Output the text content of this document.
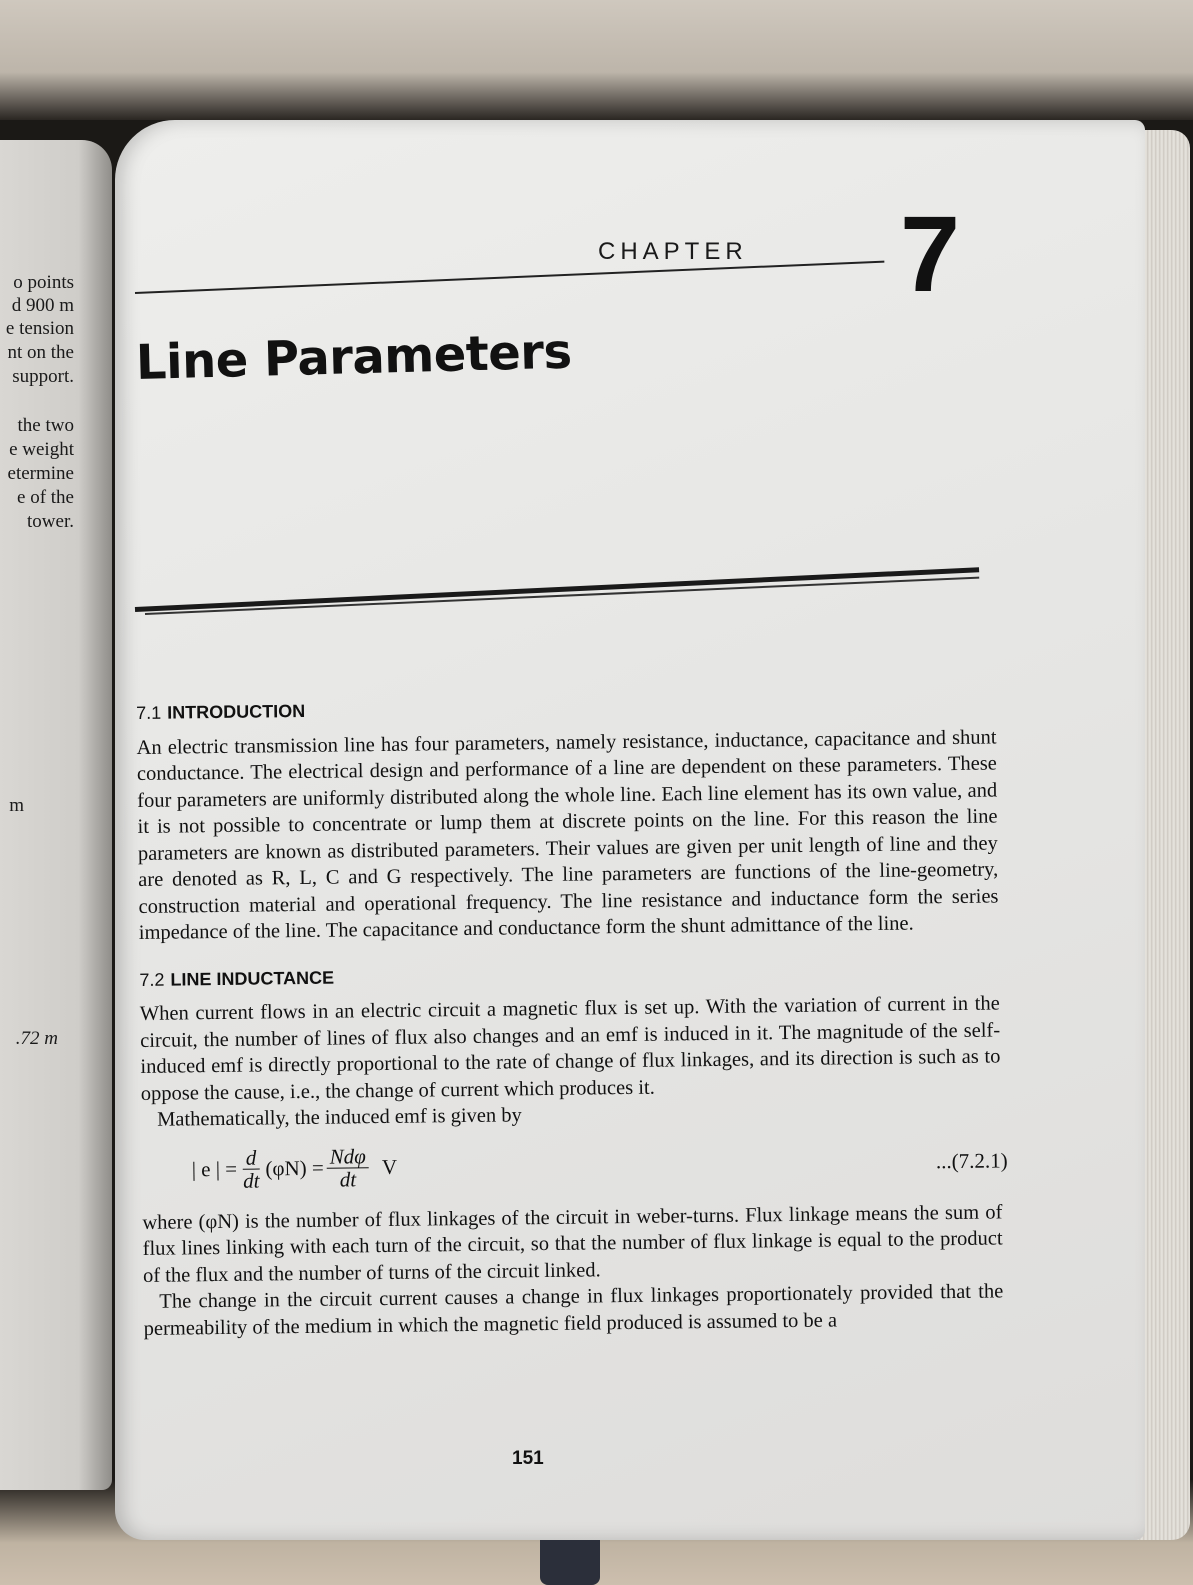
o points
d 900 m
e tension
nt on the
support.
the two
e weight
etermine
e of the
tower.
m
.72 m
CHAPTER 7
Line Parameters
7.1 INTRODUCTION

An electric transmission line has four parameters, namely resistance, inductance, capacitance and shunt conductance. The electrical design and performance of a line are dependent on these parameters. These four parameters are uniformly distributed along the whole line. Each line element has its own value, and it is not possible to concentrate or lump them at discrete points on the line. For this reason the line parameters are known as distributed parameters. Their values are given per unit length of line and they are denoted as R, L, C and G respectively. The line parameters are functions of the line-geometry, construction material and operational frequency. The line resistance and inductance form the series impedance of the line. The capacitance and conductance form the shunt admittance of the line.

7.2 LINE INDUCTANCE

When current flows in an electric circuit a magnetic flux is set up. With the variation of current in the circuit, the number of lines of flux also changes and an emf is induced in it. The magnitude of the self-induced emf is directly proportional to the rate of change of flux linkages, and its direction is such as to oppose the cause, i.e., the change of current which produces it.

Mathematically, the induced emf is given by

| e | = $\frac{d}{dt} (\varphi N) = \frac{\text{Ndφ}}{dt}$ V	...(7.2.1)

where (φN) is the number of flux linkages of the circuit in weber-turns. Flux linkage means the sum of flux lines linking with each turn of the circuit, so that the number of flux linkage is equal to the product of the flux and the number of turns of the circuit linked.

The change in the circuit current causes a change in flux linkages proportionately provided that the permeability of the medium in which the magnetic field produced is assumed to be a

151
